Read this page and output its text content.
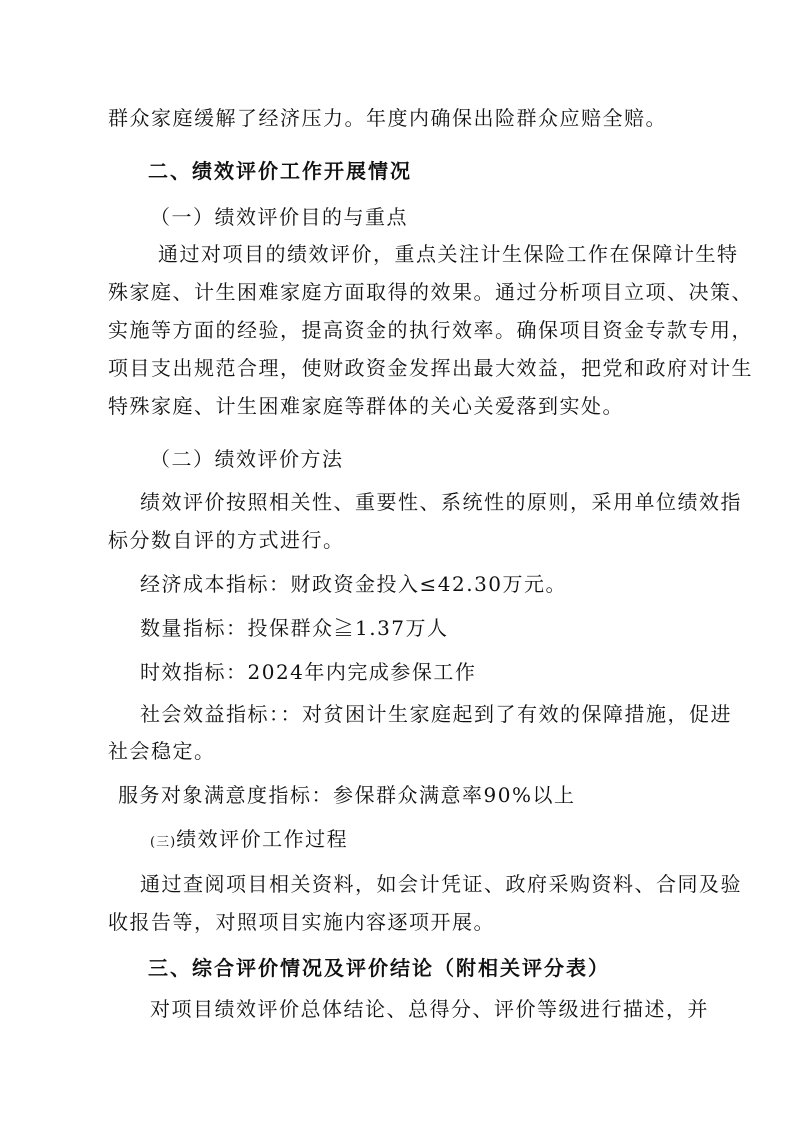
群众家庭缓解了经济压力。年度内确保出险群众应赔全赔。
二、绩效评价工作开展情况
（一）绩效评价目的与重点
通过对项目的绩效评价，重点关注计生保险工作在保障计生特
殊家庭、计生困难家庭方面取得的效果。通过分析项目立项、决策、
实施等方面的经验，提高资金的执行效率。确保项目资金专款专用，
项目支出规范合理，使财政资金发挥出最大效益，把党和政府对计生
特殊家庭、计生困难家庭等群体的关心关爱落到实处。
（二）绩效评价方法
绩效评价按照相关性、重要性、系统性的原则，采用单位绩效指
标分数自评的方式进行。
经济成本指标：财政资金投入≤42.30万元。
数量指标：投保群众≧1.37万人
时效指标：2024年内完成参保工作
社会效益指标：：对贫困计生家庭起到了有效的保障措施，促进
社会稳定。
服务对象满意度指标：参保群众满意率90%以上
(三)绩效评价工作过程
通过查阅项目相关资料，如会计凭证、政府采购资料、合同及验
收报告等，对照项目实施内容逐项开展。
三、综合评价情况及评价结论（附相关评分表）
对项目绩效评价总体结论、总得分、评价等级进行描述，并
